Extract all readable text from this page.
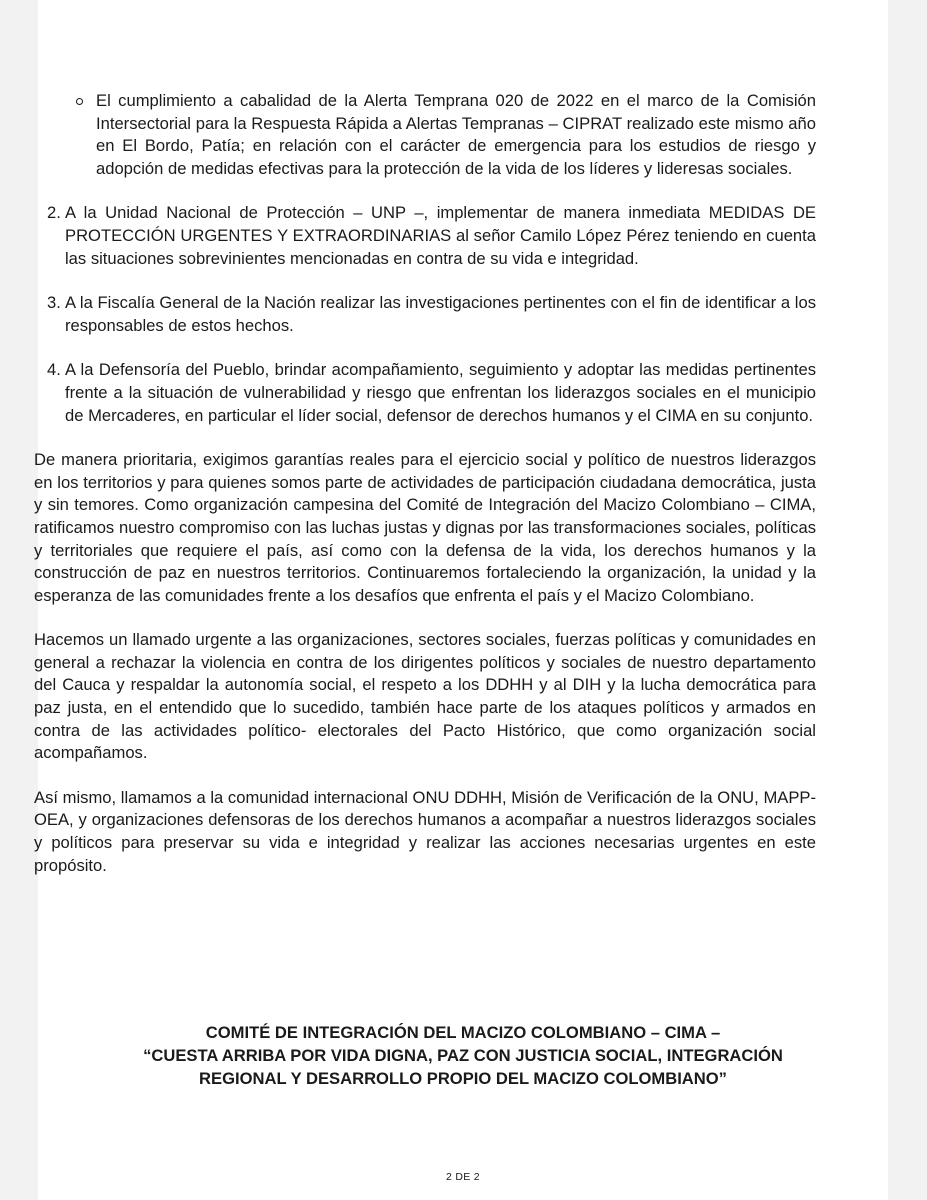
El cumplimiento a cabalidad de la Alerta Temprana 020 de 2022 en el marco de la Comisión Intersectorial para la Respuesta Rápida a Alertas Tempranas – CIPRAT realizado este mismo año en El Bordo, Patía; en relación con el carácter de emergencia para los estudios de riesgo y adopción de medidas efectivas para la protección de la vida de los líderes y lideresas sociales.

2. A la Unidad Nacional de Protección – UNP –, implementar de manera inmediata MEDIDAS DE PROTECCIÓN URGENTES Y EXTRAORDINARIAS al señor Camilo López Pérez teniendo en cuenta las situaciones sobrevinientes mencionadas en contra de su vida e integridad.

3. A la Fiscalía General de la Nación realizar las investigaciones pertinentes con el fin de identificar a los responsables de estos hechos.

4. A la Defensoría del Pueblo, brindar acompañamiento, seguimiento y adoptar las medidas pertinentes frente a la situación de vulnerabilidad y riesgo que enfrentan los liderazgos sociales en el municipio de Mercaderes, en particular el líder social, defensor de derechos humanos y el CIMA en su conjunto.

De manera prioritaria, exigimos garantías reales para el ejercicio social y político de nuestros liderazgos en los territorios y para quienes somos parte de actividades de participación ciudadana democrática, justa y sin temores. Como organización campesina del Comité de Integración del Macizo Colombiano – CIMA, ratificamos nuestro compromiso con las luchas justas y dignas por las transformaciones sociales, políticas y territoriales que requiere el país, así como con la defensa de la vida, los derechos humanos y la construcción de paz en nuestros territorios. Continuaremos fortaleciendo la organización, la unidad y la esperanza de las comunidades frente a los desafíos que enfrenta el país y el Macizo Colombiano.

Hacemos un llamado urgente a las organizaciones, sectores sociales, fuerzas políticas y comunidades en general a rechazar la violencia en contra de los dirigentes políticos y sociales de nuestro departamento del Cauca y respaldar la autonomía social, el respeto a los DDHH y al DIH y la lucha democrática para paz justa, en el entendido que lo sucedido, también hace parte de los ataques políticos y armados en contra de las actividades político- electorales del Pacto Histórico, que como organización social acompañamos.

Así mismo, llamamos a la comunidad internacional ONU DDHH, Misión de Verificación de la ONU, MAPP-OEA, y organizaciones defensoras de los derechos humanos a acompañar a nuestros liderazgos sociales y políticos para preservar su vida e integridad y realizar las acciones necesarias urgentes en este propósito.

COMITÉ DE INTEGRACIÓN DEL MACIZO COLOMBIANO – CIMA –
“CUESTA ARRIBA POR VIDA DIGNA, PAZ CON JUSTICIA SOCIAL, INTEGRACIÓN
REGIONAL Y DESARROLLO PROPIO DEL MACIZO COLOMBIANO”
2 DE 2
